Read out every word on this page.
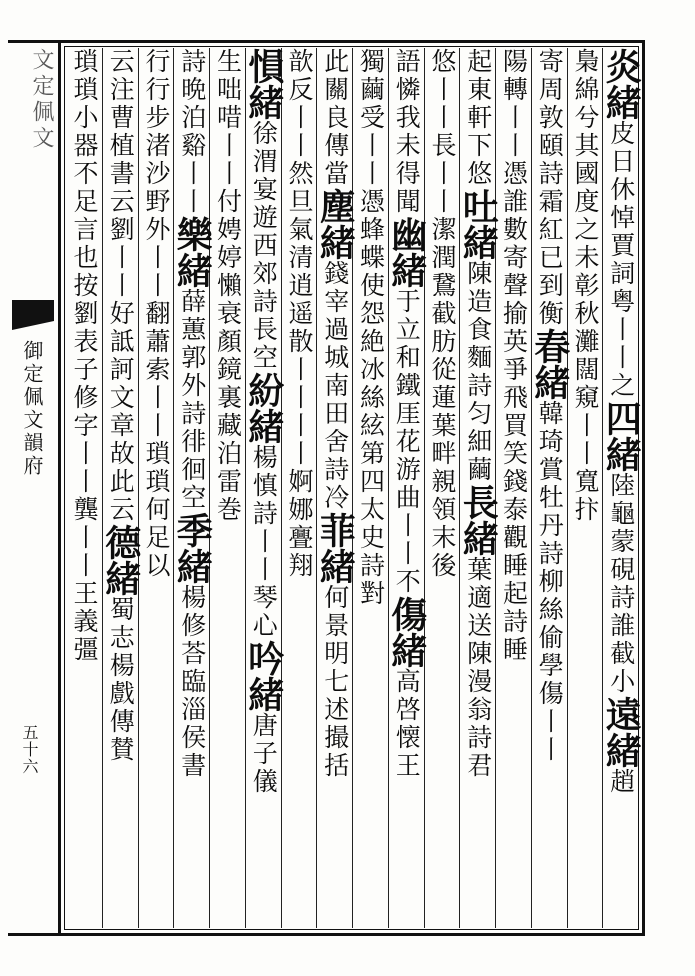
文定佩文
御定佩文韻府
五十六
炎緒
皮日休悼賈詞粤丨丨之
四緒
陸龜蒙硯詩誰截小
遠緒
趙
梟綿兮其國度之未彰
秋灘闊窺丨丨寬
抃
寄周敦頤詩霜紅已到衡
春緒
韓琦賞牡丹詩柳絲偷學傷丨丨
陽轉丨丨憑誰數寄聲
揄英爭飛買笑錢泰觀睡起詩睡
起東軒下悠
吐緒
陳造食麵詩匀細繭
長緒
葉適送陳漫翁詩君
悠丨丨長
丨丨潔潤鵞截肪
從蓮葉畔親領末後
語憐我未得聞
幽緒
于立和鐵厓花游曲丨丨不
傷緒
高啓懐王
獨繭受丨丨
憑蜂蝶使怨絶冰絲絃第四
太史詩對
此關良傳當
塵緒
錢宰過城南田舍詩冷
菲緒
何景明七述撮括
歆反丨丨
然旦氣清逍遥散丨丨
丨丨婀娜亹翔
愪緒
徐渭宴遊西郊詩長空
紛緒
楊慎詩丨丨琴心
吟緒
唐子儀
生咄唶丨丨付娉婷
懶衰顏鏡裏藏
泊雷巻
詩晩泊谿丨丨
樂緒
薛蕙郭外詩徘徊空
季緒
楊修荅臨淄侯書
行行步渚沙
野外丨丨翻蕭索
丨丨瑣瑣何足以
云注曹植書云劉丨丨好詆訶文章故此云
德緒
蜀志楊戲傳賛
瑣瑣小器不足言也按劉表子修字丨丨
龔丨丨王義彊
